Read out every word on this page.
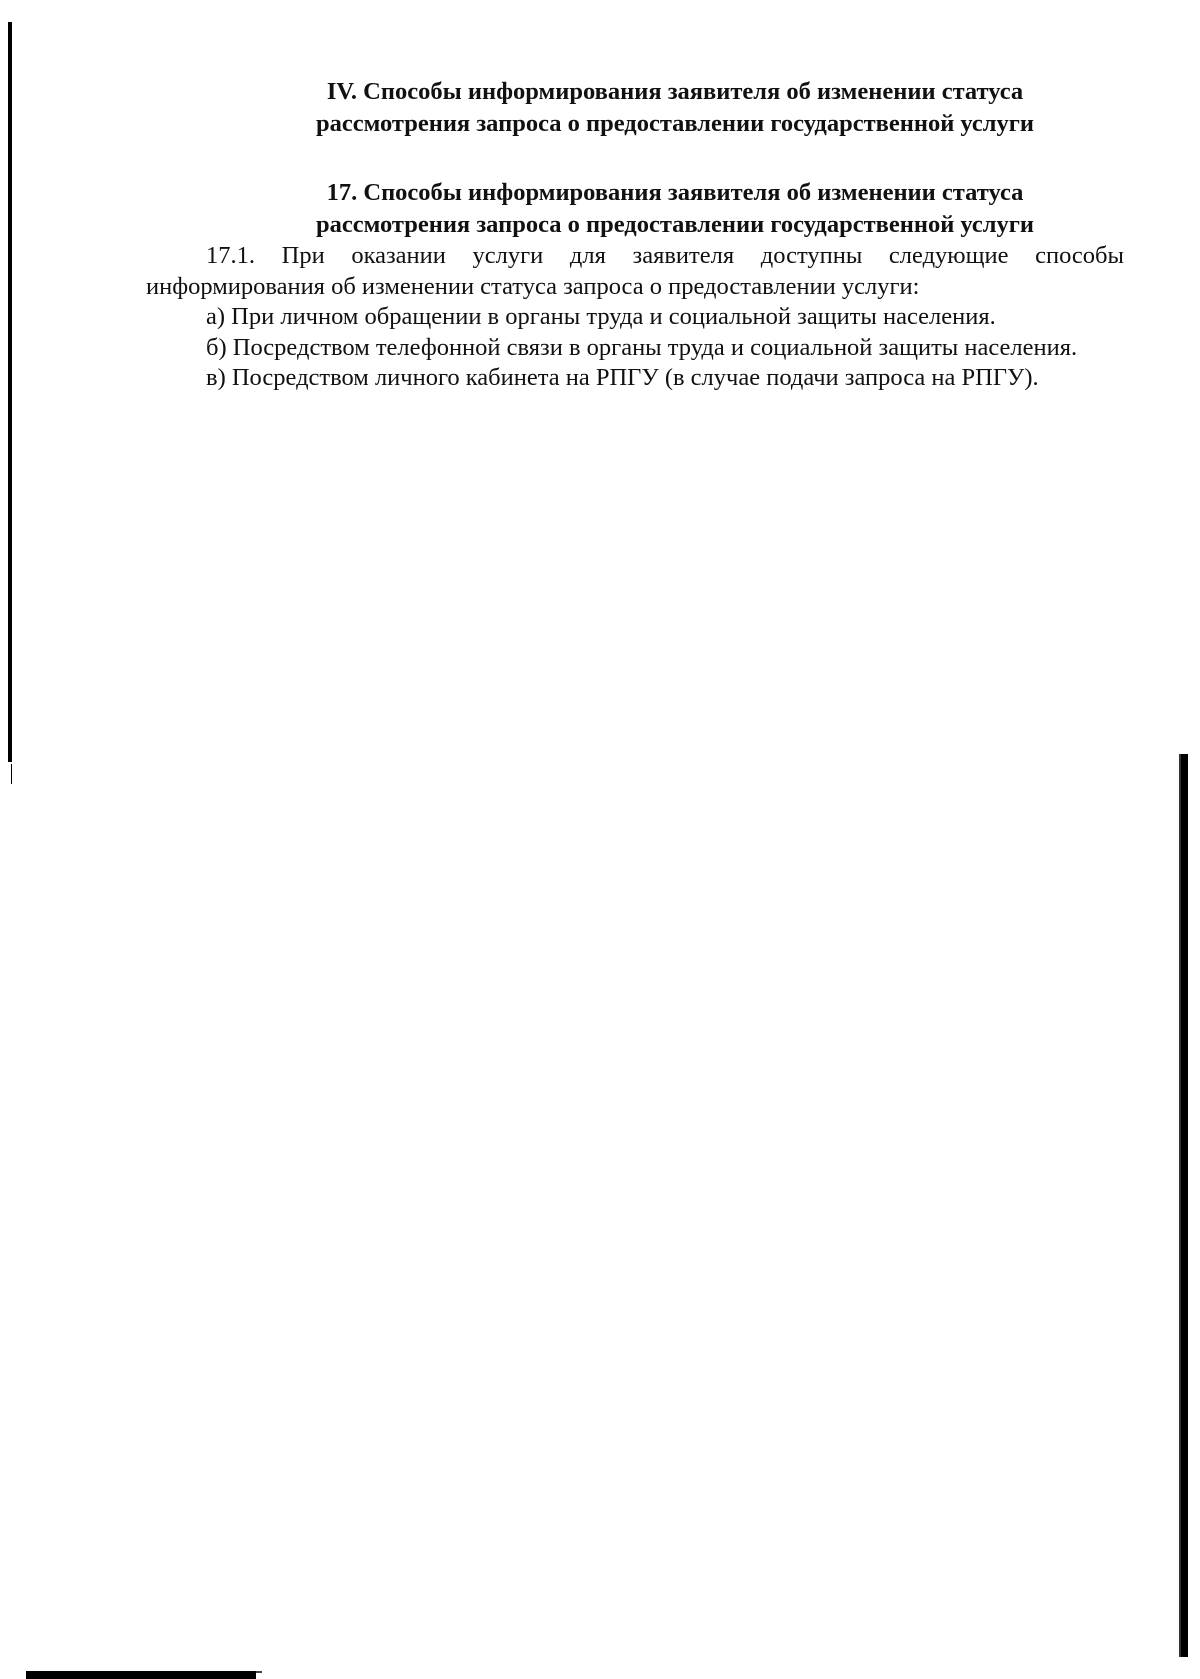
IV. Способы информирования заявителя об изменении статуса
рассмотрения запроса о предоставлении государственной услуги
17. Способы информирования заявителя об изменении статуса
рассмотрения запроса о предоставлении государственной услуги

17.1. При оказании услуги для заявителя доступны следующие способы информирования об изменении статуса запроса о предоставлении услуги:

а) При личном обращении в органы труда и социальной защиты населения.

б) Посредством телефонной связи в органы труда и социальной защиты населения.

в) Посредством личного кабинета на РПГУ (в случае подачи запроса на РПГУ).
